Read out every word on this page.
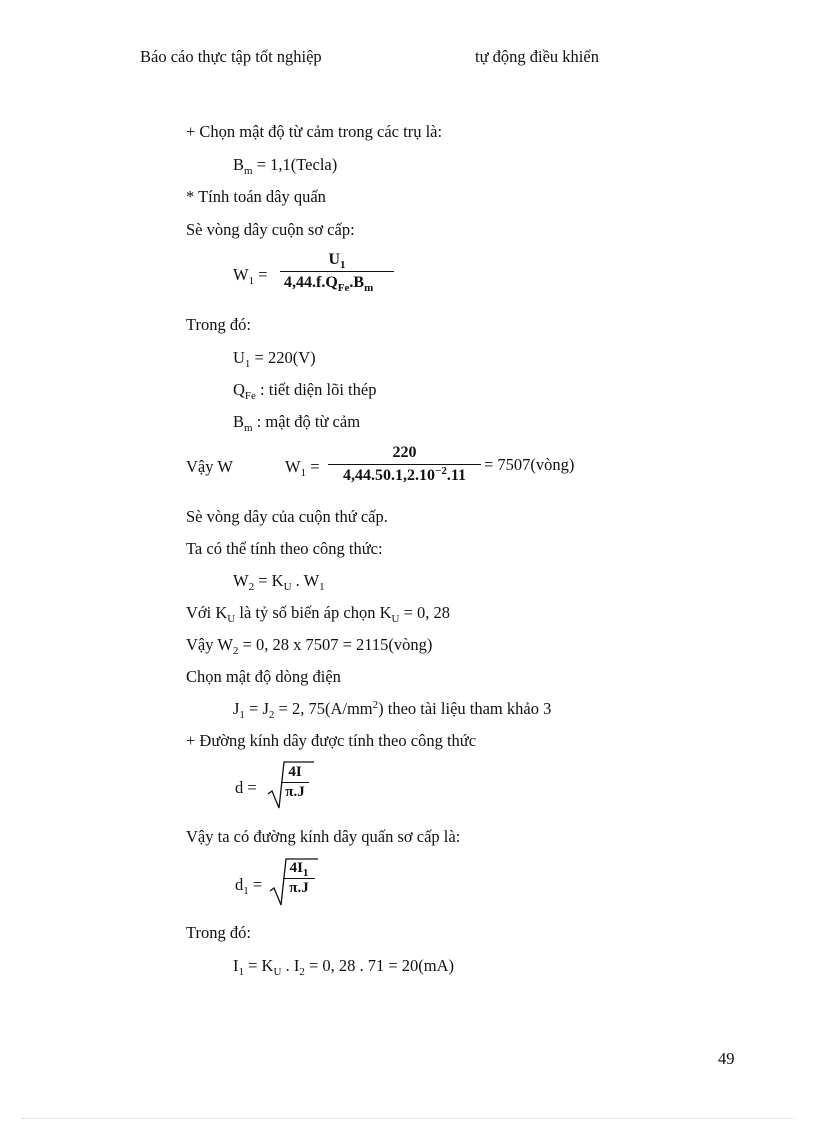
Báo cáo thực tập tốt nghiệp	tự động điều khiển
+ Chọn mật độ từ cảm trong các trụ là:
$B_m$ = 1,1(Tecla)
* Tính toán dây quấn
Sè vòng dây cuộn sơ cấp:
$W_1$ =
$U_1$
$4,44.f.Q_{Fe}.B_m$
Trong đó:
$U_1 = 220(V)$
$Q_{Fe}$ : tiết diện lõi thép
$B_m$ : mật độ từ cảm
Vậy W	$W_1$ =
220
$4,44.50.1,2.10^{-2}.11$
= 7507(vòng)
Sè vòng dây của cuộn thứ cấp.
Ta có thể tính theo công thức:
$W_2 = K_U$ . $W_1$
Với $K_U$ là tỷ số biến áp chọn $K_U = 0$, 28
Vậy $W_2 = 0$, 28 x 7507 = 2115(vòng)
Chọn mật độ dòng điện
$J_1 = J_2 = 2$, $75(A/mm^2)$ theo tài liệu tham khảo 3
+ Đường kính dây được tính theo công thức
d =
4I
π.J
Vậy ta có đường kính dây quấn sơ cấp là:
$d_1$ =
$4I_1$
π.J
Trong đó:
$I_1 = K_U$ . $I_2 = 0$, 28 . 71 = 20(mA)
49
